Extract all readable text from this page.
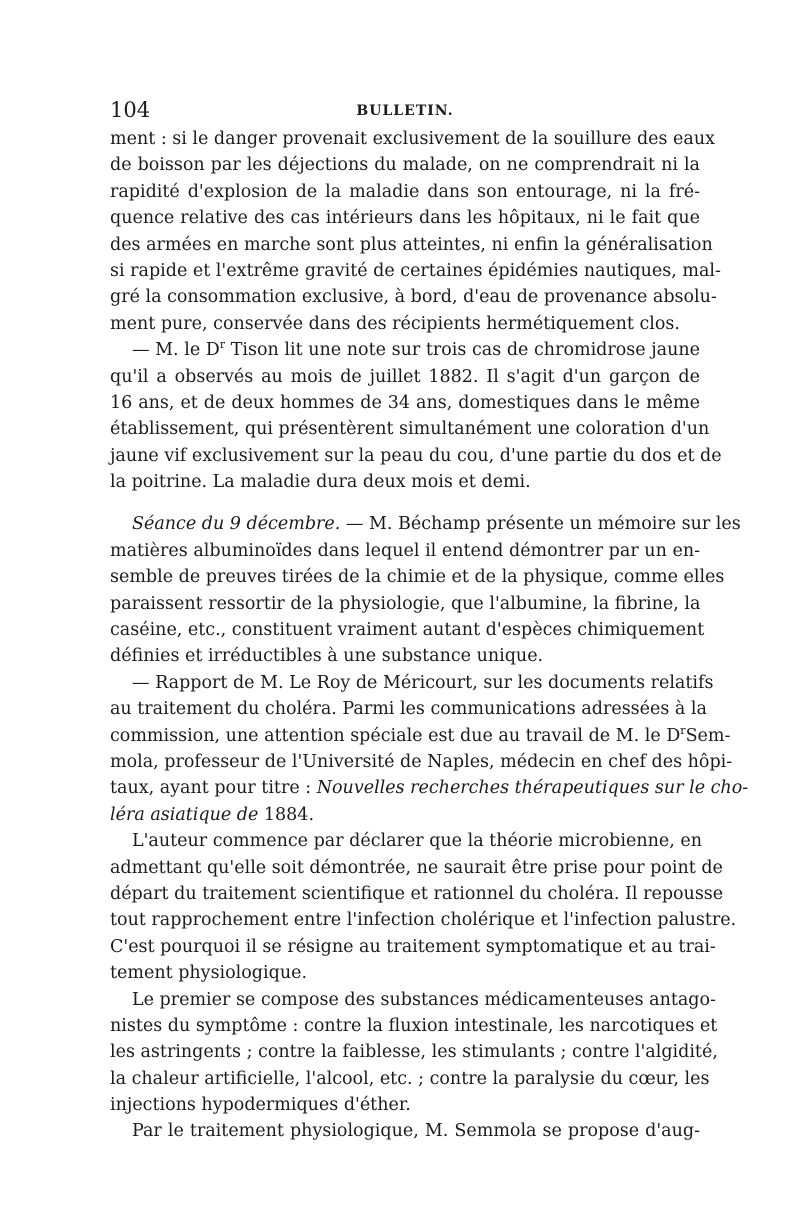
104	BULLETIN.
ment : si le danger provenait exclusivement de la souillure des eaux
de boisson par les déjections du malade, on ne comprendrait ni la
rapidité d'explosion de la maladie dans son entourage, ni la fré-
quence relative des cas intérieurs dans les hôpitaux, ni le fait que
des armées en marche sont plus atteintes, ni enfin la généralisation
si rapide et l'extrême gravité de certaines épidémies nautiques, mal-
gré la consommation exclusive, à bord, d'eau de provenance absolu-
ment pure, conservée dans des récipients hermétiquement clos.
— M. le $D^r$ Tison lit une note sur trois cas de chromidrose jaune
qu'il a observés au mois de juillet 1882. Il s'agit d'un garçon de
16 ans, et de deux hommes de 34 ans, domestiques dans le même
établissement, qui présentèrent simultanément une coloration d'un
jaune vif exclusivement sur la peau du cou, d'une partie du dos et de
la poitrine. La maladie dura deux mois et demi.
Séance du 9 décembre. — M. Béchamp présente un mémoire sur les
matières albuminoïdes dans lequel il entend démontrer par un en-
semble de preuves tirées de la chimie et de la physique, comme elles
paraissent ressortir de la physiologie, que l'albumine, la fibrine, la
caséine, etc., constituent vraiment autant d'espèces chimiquement
définies et irréductibles à une substance unique.
— Rapport de M. Le Roy de Méricourt, sur les documents relatifs
au traitement du choléra. Parmi les communications adressées à la
commission, une attention spéciale est due au travail de M. le $D^rSem-$
mola, professeur de l'Université de Naples, médecin en chef des hôpi-
taux, ayant pour titre : Nouvelles recherches thérapeutiques sur le cho-
léra asiatique de 1884.
L'auteur commence par déclarer que la théorie microbienne, en
admettant qu'elle soit démontrée, ne saurait être prise pour point de
départ du traitement scientifique et rationnel du choléra. Il repousse
tout rapprochement entre l'infection cholérique et l'infection palustre.
C'est pourquoi il se résigne au traitement symptomatique et au trai-
tement physiologique.
Le premier se compose des substances médicamenteuses antago-
nistes du symptôme : contre la fluxion intestinale, les narcotiques et
les astringents ; contre la faiblesse, les stimulants ; contre l'algidité,
la chaleur artificielle, l'alcool, etc. ; contre la paralysie du cœur, les
injections hypodermiques d'éther.
Par le traitement physiologique, M. Semmola se propose d'aug-
